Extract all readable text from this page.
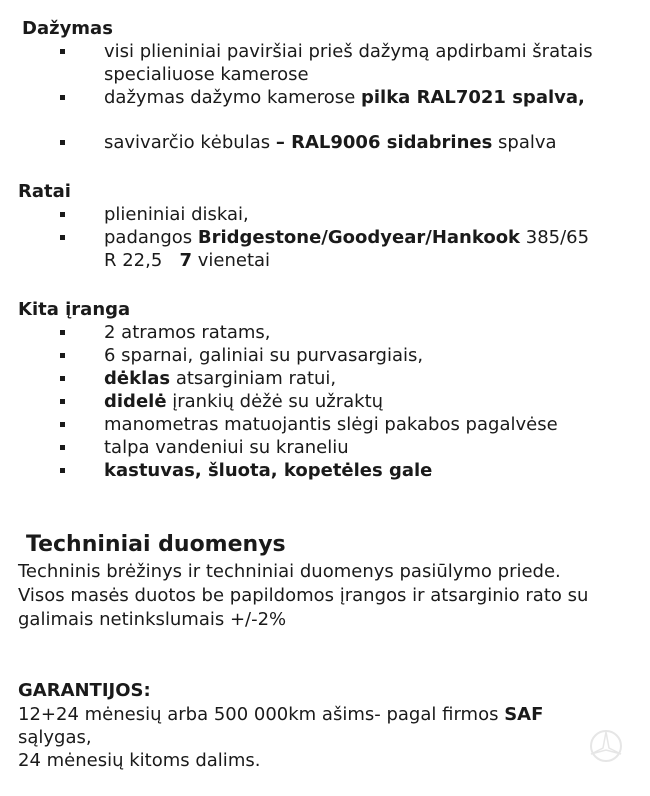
Dažymas
visi plieniniai paviršiai prieš dažymą apdirbami šratais
specialiuose kamerose
dažymas dažymo kamerose pilka RAL7021 spalva,
savivarčio kėbulas – RAL9006 sidabrines spalva
Ratai
plieniniai diskai,
padangos Bridgestone/Goodyear/Hankook 385/65
R 22,5   7 vienetai
Kita įranga
2 atramos ratams,
6 sparnai, galiniai su purvasargiais,
dėklas atsarginiam ratui,
didelė įrankių dėžė su užraktų
manometras matuojantis slėgi pakabos pagalvėse
talpa vandeniui su kraneliu
kastuvas, šluota, kopetėles gale
Techniniai duomenys

Techninis brėžinys ir techniniai duomenys pasiūlymo priede.

Visos masės duotos be papildomos įrangos ir atsarginio rato su

galimais netinkslumais +/-2%

GARANTIJOS:

12+24 mėnesių arba 500 000km ašims- pagal firmos SAF

sąlygas,

24 mėnesių kitoms dalims.
